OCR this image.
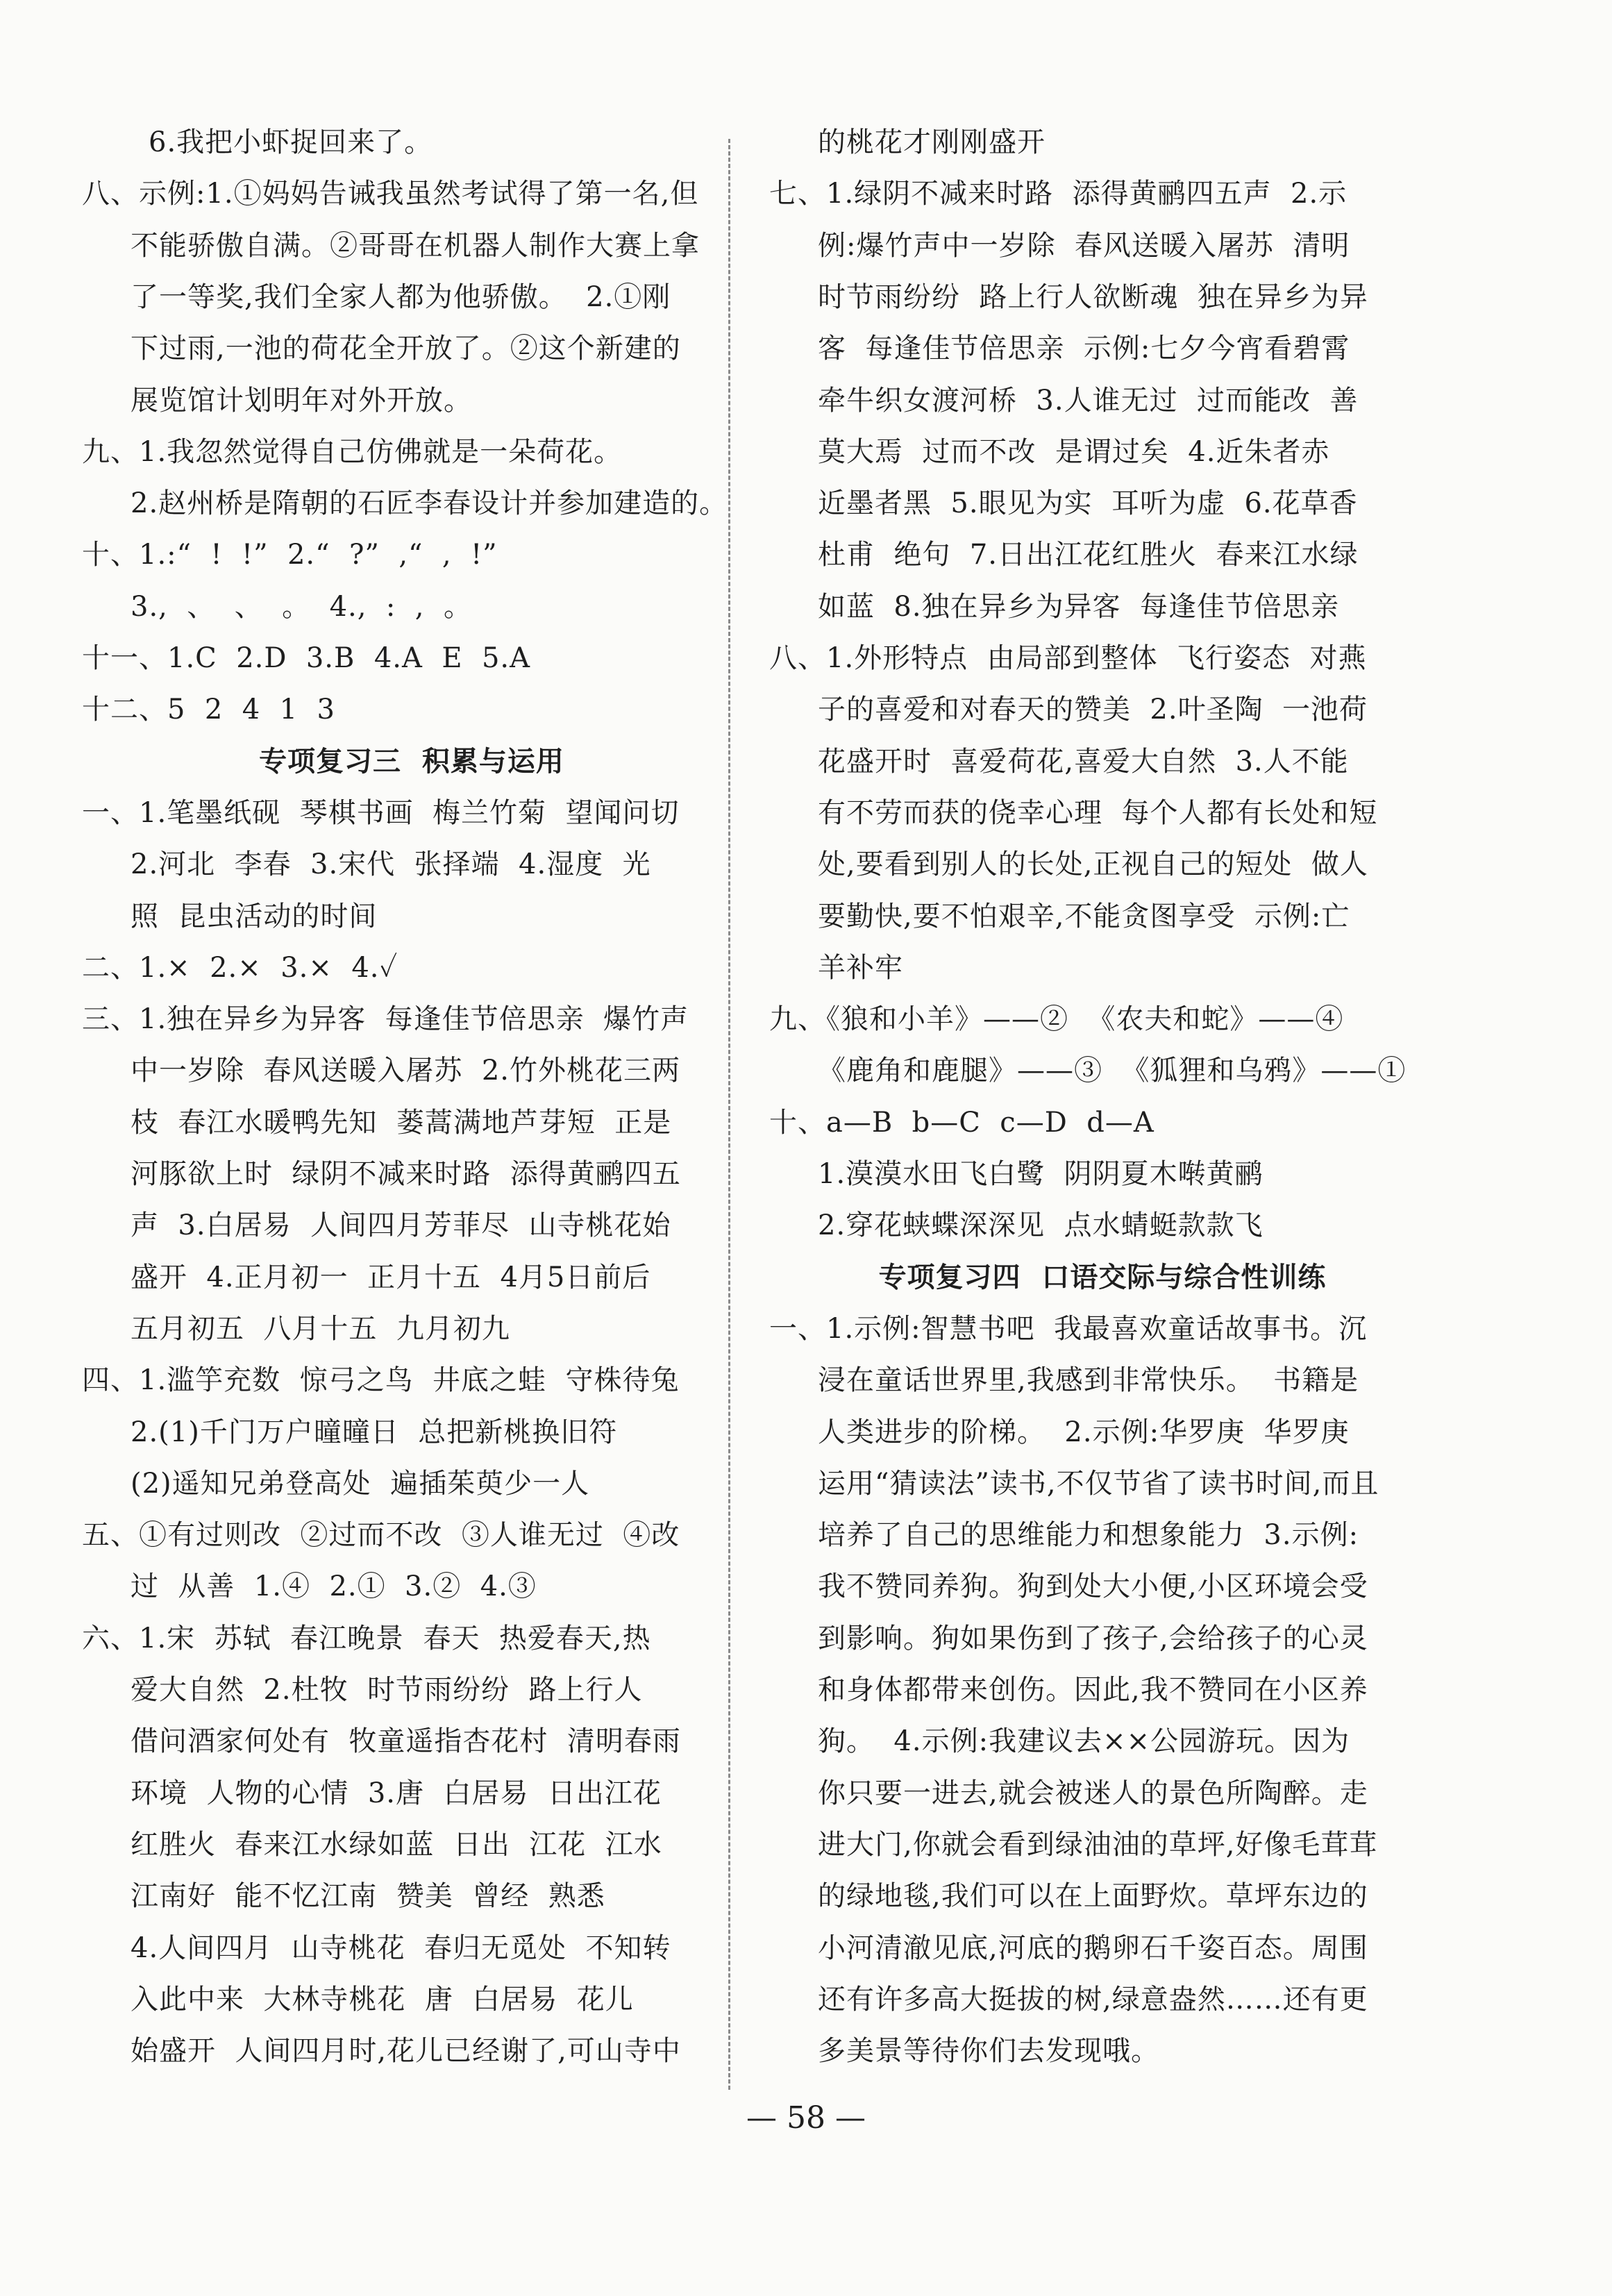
6.我把小虾捉回来了。
八、示例:1.①妈妈告诫我虽然考试得了第一名,但
不能骄傲自满。②哥哥在机器人制作大赛上拿
了一等奖,我们全家人都为他骄傲。  2.①刚
下过雨,一池的荷花全开放了。②这个新建的
展览馆计划明年对外开放。
九、1.我忽然觉得自己仿佛就是一朵荷花。
2.赵州桥是隋朝的石匠李春设计并参加建造的。
十、1.:“  !  !”  2.“  ?”  ,“  ,  !”
3.,  、  、  。  4.,  :  ,  。
十一、1.C  2.D  3.B  4.A  E  5.A
十二、5  2  4  1  3
专项复习三  积累与运用
一、1.笔墨纸砚  琴棋书画  梅兰竹菊  望闻问切
2.河北  李春  3.宋代  张择端  4.湿度  光
照  昆虫活动的时间
二、1.×  2.×  3.×  4.✓
三、1.独在异乡为异客  每逢佳节倍思亲  爆竹声
中一岁除  春风送暖入屠苏  2.竹外桃花三两
枝  春江水暖鸭先知  蒌蒿满地芦芽短  正是
河豚欲上时  绿阴不减来时路  添得黄鹂四五
声  3.白居易  人间四月芳菲尽  山寺桃花始
盛开  4.正月初一  正月十五  4月5日前后
五月初五  八月十五  九月初九
四、1.滥竽充数  惊弓之鸟  井底之蛙  守株待兔
2.(1)千门万户曈曈日  总把新桃换旧符
(2)遥知兄弟登高处  遍插茱萸少一人
五、①有过则改  ②过而不改  ③人谁无过  ④改
过  从善  1.④  2.①  3.②  4.③
六、1.宋  苏轼  春江晚景  春天  热爱春天,热
爱大自然  2.杜牧  时节雨纷纷  路上行人
借问酒家何处有  牧童遥指杏花村  清明春雨
环境  人物的心情  3.唐  白居易  日出江花
红胜火  春来江水绿如蓝  日出  江花  江水
江南好  能不忆江南  赞美  曾经  熟悉
4.人间四月  山寺桃花  春归无觅处  不知转
入此中来  大林寺桃花  唐  白居易  花儿
始盛开  人间四月时,花儿已经谢了,可山寺中
的桃花才刚刚盛开
七、1.绿阴不减来时路  添得黄鹂四五声  2.示
例:爆竹声中一岁除  春风送暖入屠苏  清明
时节雨纷纷  路上行人欲断魂  独在异乡为异
客  每逢佳节倍思亲  示例:七夕今宵看碧霄
牵牛织女渡河桥  3.人谁无过  过而能改  善
莫大焉  过而不改  是谓过矣  4.近朱者赤
近墨者黑  5.眼见为实  耳听为虚  6.花草香
杜甫  绝句  7.日出江花红胜火  春来江水绿
如蓝  8.独在异乡为异客  每逢佳节倍思亲
八、1.外形特点  由局部到整体  飞行姿态  对燕
子的喜爱和对春天的赞美  2.叶圣陶  一池荷
花盛开时  喜爱荷花,喜爱大自然  3.人不能
有不劳而获的侥幸心理  每个人都有长处和短
处,要看到别人的长处,正视自己的短处  做人
要勤快,要不怕艰辛,不能贪图享受  示例:亡
羊补牢
九、《狼和小羊》——②  《农夫和蛇》——④
《鹿角和鹿腿》——③  《狐狸和乌鸦》——①
十、a—B  b—C  c—D  d—A
1.漠漠水田飞白鹭  阴阴夏木啭黄鹂
2.穿花蛱蝶深深见  点水蜻蜓款款飞
专项复习四  口语交际与综合性训练
一、1.示例:智慧书吧  我最喜欢童话故事书。沉
浸在童话世界里,我感到非常快乐。  书籍是
人类进步的阶梯。  2.示例:华罗庚  华罗庚
运用“猜读法”读书,不仅节省了读书时间,而且
培养了自己的思维能力和想象能力  3.示例:
我不赞同养狗。狗到处大小便,小区环境会受
到影响。狗如果伤到了孩子,会给孩子的心灵
和身体都带来创伤。因此,我不赞同在小区养
狗。  4.示例:我建议去××公园游玩。因为
你只要一进去,就会被迷人的景色所陶醉。走
进大门,你就会看到绿油油的草坪,好像毛茸茸
的绿地毯,我们可以在上面野炊。草坪东边的
小河清澈见底,河底的鹅卵石千姿百态。周围
还有许多高大挺拔的树,绿意盎然……还有更
多美景等待你们去发现哦。
— 58 —
